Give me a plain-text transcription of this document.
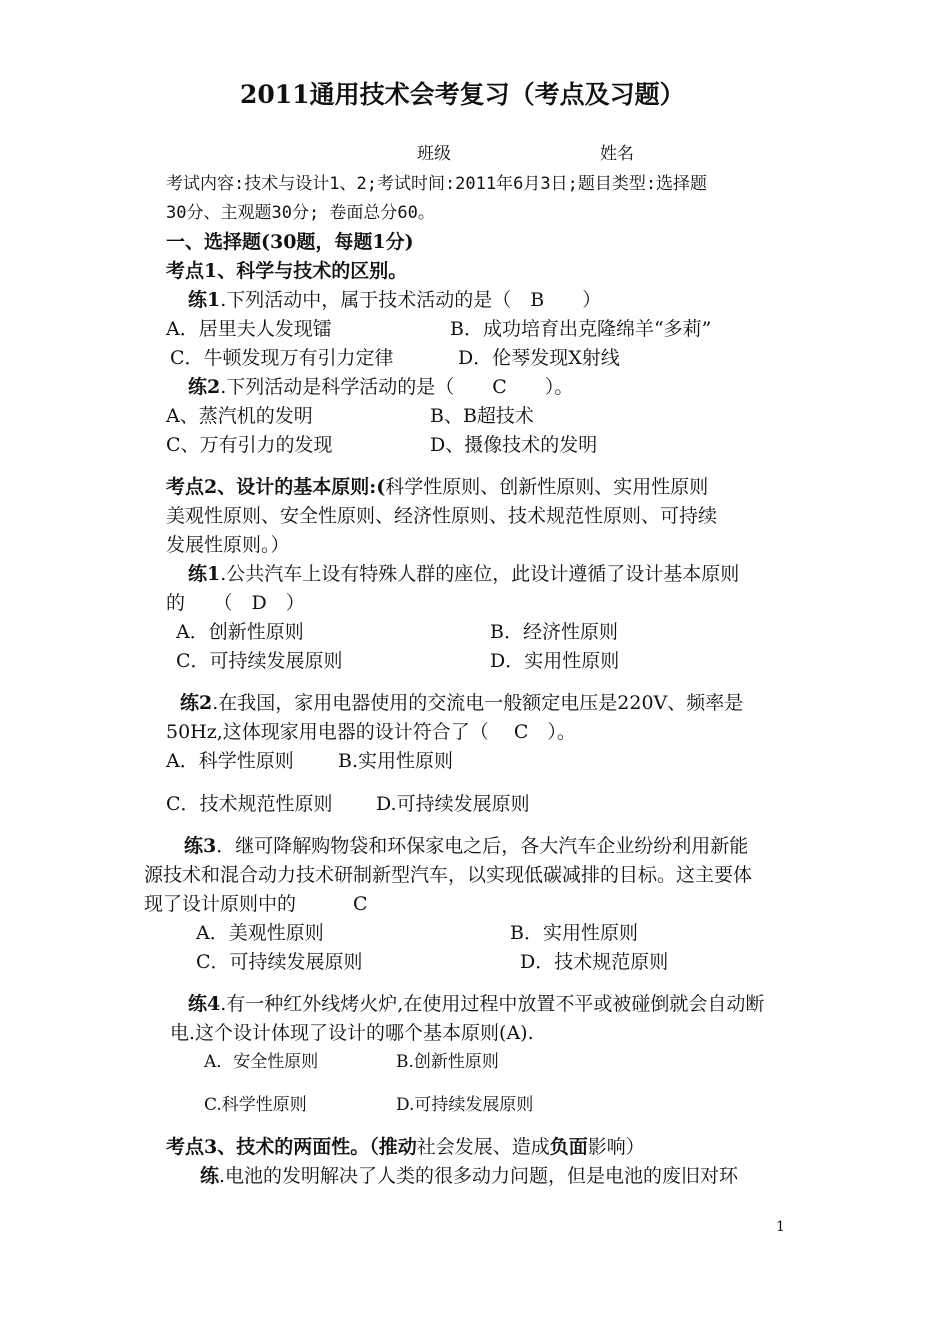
2011通用技术会考复习（考点及习题）
班级	姓名
考试内容:技术与设计1、2;考试时间:2011年6月3日;题目类型:选择题
30分、主观题30分; 卷面总分60。
一、选择题(30题，每题1分)
考点1、科学与技术的区别。
练1.下列活动中，属于技术活动的是（　B　　）
A．居里夫人发现镭	B．成功培育出克隆绵羊“多莉”
C．牛顿发现万有引力定律	D．伦琴发现X射线
练2.下列活动是科学活动的是（　　C　　）。
A、蒸汽机的发明	B、B超技术
C、万有引力的发现	D、摄像技术的发明
考点2、设计的基本原则:(科学性原则、创新性原则、实用性原则
美观性原则、安全性原则、经济性原则、技术规范性原则、可持续
发展性原则。）
练1.公共汽车上设有特殊人群的座位，此设计遵循了设计基本原则
的　　（　D　）
A．创新性原则	B．经济性原则
C．可持续发展原则	D．实用性原则
练2.在我国，家用电器使用的交流电一般额定电压是220V、频率是
50Hz,这体现家用电器的设计符合了（　 C　）。
A．科学性原则 B.实用性原则
C．技术规范性原则 D.可持续发展原则
练3．继可降解购物袋和环保家电之后，各大汽车企业纷纷利用新能
源技术和混合动力技术研制新型汽车，以实现低碳减排的目标。这主要体
现了设计原则中的　　　C
A．美观性原则	B．实用性原则
C．可持续发展原则	D．技术规范原则
练4.有一种红外线烤火炉,在使用过程中放置不平或被碰倒就会自动断
电.这个设计体现了设计的哪个基本原则(A).
A．安全性原则	B.创新性原则
C.科学性原则	D.可持续发展原则
考点3、技术的两面性。（推动社会发展、造成负面影响）
练.电池的发明解决了人类的很多动力问题，但是电池的废旧对环
1
